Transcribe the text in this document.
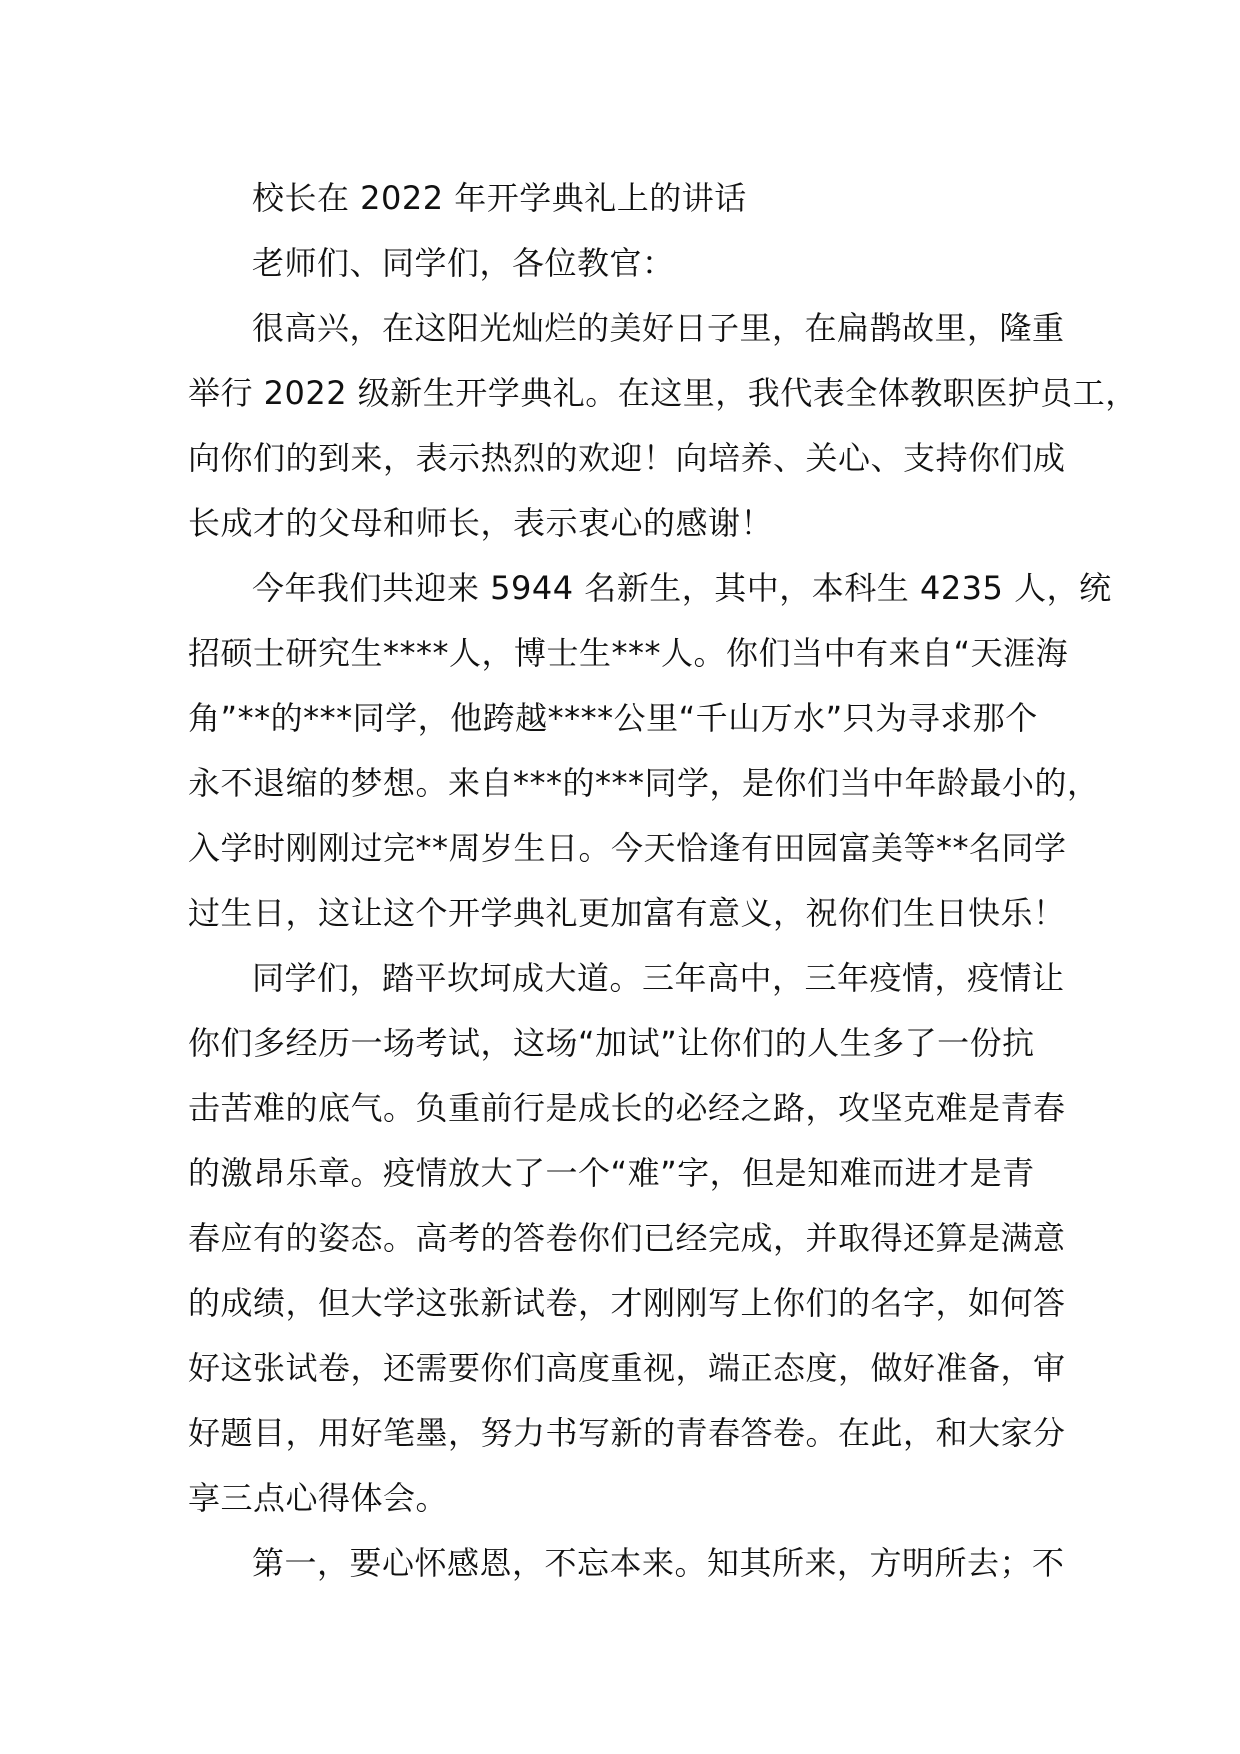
校长在 2022 年开学典礼上的讲话
老师们、同学们，各位教官：
很高兴，在这阳光灿烂的美好日子里，在扁鹊故里，隆重
举行 2022 级新生开学典礼。在这里，我代表全体教职医护员工，
向你们的到来，表示热烈的欢迎！向培养、关心、支持你们成
长成才的父母和师长，表示衷心的感谢！
今年我们共迎来 5944 名新生，其中，本科生 4235 人，统
招硕士研究生****人，博士生***人。你们当中有来自“天涯海
角”**的***同学，他跨越****公里“千山万水”只为寻求那个
永不退缩的梦想。来自***的***同学，是你们当中年龄最小的，
入学时刚刚过完**周岁生日。今天恰逢有田园富美等**名同学
过生日，这让这个开学典礼更加富有意义，祝你们生日快乐！
同学们，踏平坎坷成大道。三年高中，三年疫情，疫情让
你们多经历一场考试，这场“加试”让你们的人生多了一份抗
击苦难的底气。负重前行是成长的必经之路，攻坚克难是青春
的激昂乐章。疫情放大了一个“难”字，但是知难而进才是青
春应有的姿态。高考的答卷你们已经完成，并取得还算是满意
的成绩，但大学这张新试卷，才刚刚写上你们的名字，如何答
好这张试卷，还需要你们高度重视，端正态度，做好准备，审
好题目，用好笔墨，努力书写新的青春答卷。在此，和大家分
享三点心得体会。
第一，要心怀感恩，不忘本来。知其所来，方明所去；不
